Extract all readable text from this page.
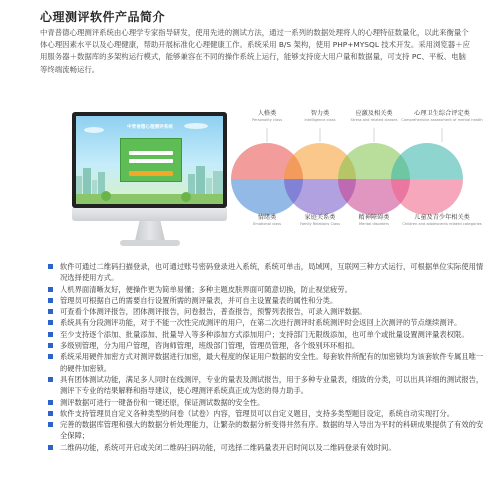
心理测评软件产品简介
中青普德心理测评系统由心理学专家指导研发，使用先进的测试方法，通过一系列的数据处理将人的心理特征数量化，以此来衡量个体心理因素水平以及心理健康，帮助开展标准化心理健康工作。系统采用 B/S 架构，使用 PHP+MYSQL 技术开发。采用浏览器＋应用服务器＋数据库的多架构运行模式，能够兼容在不同的操作系统上运行，能够支持庞大用户量和数据量，可支持 PC、平板、电脑等终端流畅运行。
中青普德心理测评系统
人格类
Personality class
智力类
Intelligence class
应激及相关类
Stress and related classes
心理卫生综合评定类
Comprehensive assessment of mental health
情绪类
Emotional class
家庭关系类
Family Relations Class
精神障碍类
Mental disorders
儿童及青少年相关类
Children and adolescents related categories
软件可通过二维码扫描登录，也可通过账号密码登录进入系统，系统可单击，局域网，互联网三种方式运行，可根据单位实际使用情况选择使用方式。
人机界面清晰友好，便操作更为简单易懂；多种主题皮肤界面可随意切换，防止视觉疲劳。
管理员可根据自己的需要自行设置所需的测评量表，并可自主设置量表的属性和分类。
可查看个体测评报告，团体测评报告，问卷报告，普查报告，预警列表报告，可录入测评数据。
系统具有分段测评功能，对于不能一次性完成测评的用户，在第二次进行测评时系统测评时会返回上次测评的节点继续测评。
至少支持逐个添加、批量添加、批量导入等多种添加方式添加用户；支持部门无限级添加，也可单个或批量设置测评量表权限。
多级别管理，分为用户管理，咨询师管理，班级部门管理，管理员管理，各个级别环环相扣。
系统采用硬件加密方式对测评数据进行加密，最大程度的保证用户数据的安全性。每套软件所配有的加密锁均为该套软件专属且唯一的硬件加密锁。
具有团体测试功能，满足多人同时在线测评，专业的量表及测试报告，用于多种专业量表，细致的分类，可以出具详细的测试报告，测评下专业的结果解释和指导建议，使心理测评系统真正成为您的得力助手。
测评数据可进行一键备份和一键还原，保证测试数据的安全性。
软件支持管理员自定义各种类型的问卷（试卷）内容，管理员可以自定义题目，支持多类型题目设定，系统自动实现打分。
完善的数据库管理和强大的数据分析处理能力，让繁杂的数据分析变得井然有序。数据的导入导出为平时的科研成果提供了有效的安全保障；
二维码功能，系统可开启或关闭二维码扫码功能，可选择二维码量表开启时间以及二维码登录有效时间。
